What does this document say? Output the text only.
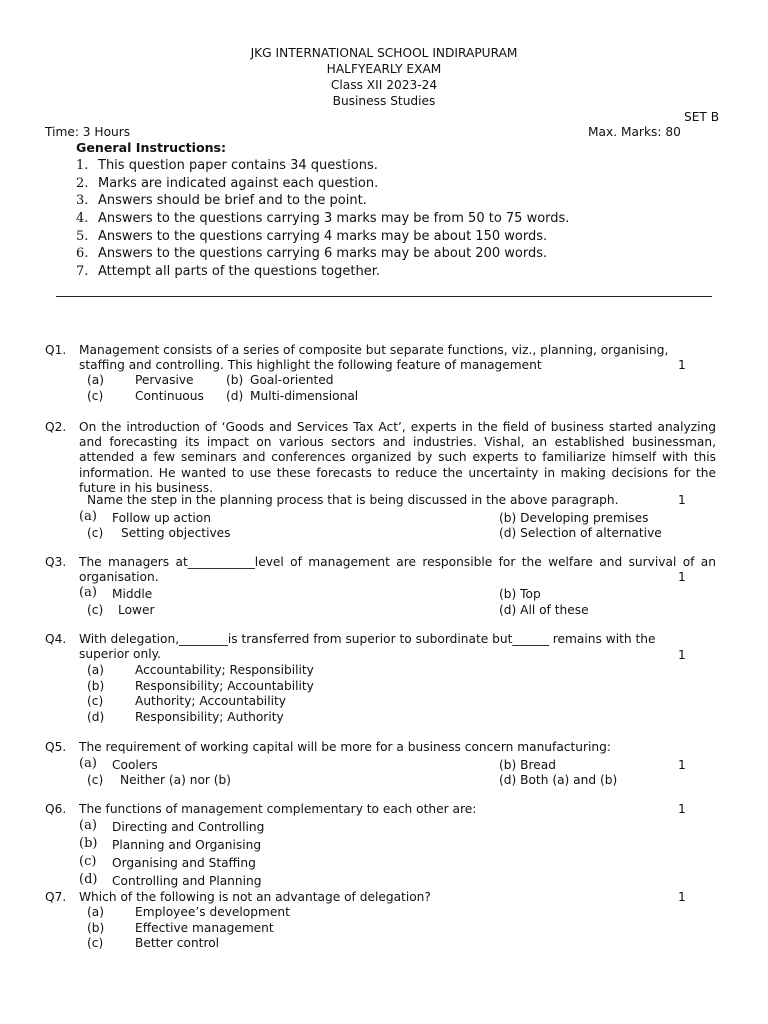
JKG INTERNATIONAL SCHOOL INDIRAPURAM
HALFYEARLY EXAM
Class XII 2023-24
Business Studies
SET B
Time: 3 Hours	Max. Marks: 80
General Instructions:
1. This question paper contains 34 questions.
2. Marks are indicated against each question.
3. Answers should be brief and to the point.
4. Answers to the questions carrying 3 marks may be from 50 to 75 words.
5. Answers to the questions carrying 4 marks may be about 150 words.
6. Answers to the questions carrying 6 marks may be about 200 words.
7. Attempt all parts of the questions together.
Q1. Management consists of a series of composite but separate functions, viz., planning, organising,
staffing and controlling. This highlight the following feature of management	1
(a)	Pervasive	(b) Goal-oriented
(c)	Continuous (d) Multi-dimensional
Q2. On the introduction of ‘Goods and Services Tax Act’, experts in the field of business started analyzing and forecasting its impact on various sectors and industries. Vishal, an established businessman, attended a few seminars and conferences organized by such experts to familiarize himself with this information. He wanted to use these forecasts to reduce the uncertainty in making decisions for the future in his business.
Name the step in the planning process that is being discussed in the above paragraph.	1
(a) Follow up action	(b) Developing premises
(c) Setting objectives	(d) Selection of alternative
Q3. The managers at___________level of management are responsible for the welfare and survival of an organisation.	1
(a) Middle	(b) Top
(c) Lower	(d) All of these
Q4. With delegation,________is transferred from superior to subordinate but______ remains with the
superior only.	1
(a)	Accountability; Responsibility
(b)	Responsibility; Accountability
(c)	Authority; Accountability
(d)	Responsibility; Authority
Q5. The requirement of working capital will be more for a business concern manufacturing:
(a) Coolers	(b) Bread	1
(c) Neither (a) nor (b)	(d) Both (a) and (b)
Q6. The functions of management complementary to each other are:	1
(a) Directing and Controlling
(b) Planning and Organising
(c) Organising and Staffing
(d) Controlling and Planning
Q7. Which of the following is not an advantage of delegation?	1
(a)	Employee’s development
(b)	Effective management
(c)	Better control
